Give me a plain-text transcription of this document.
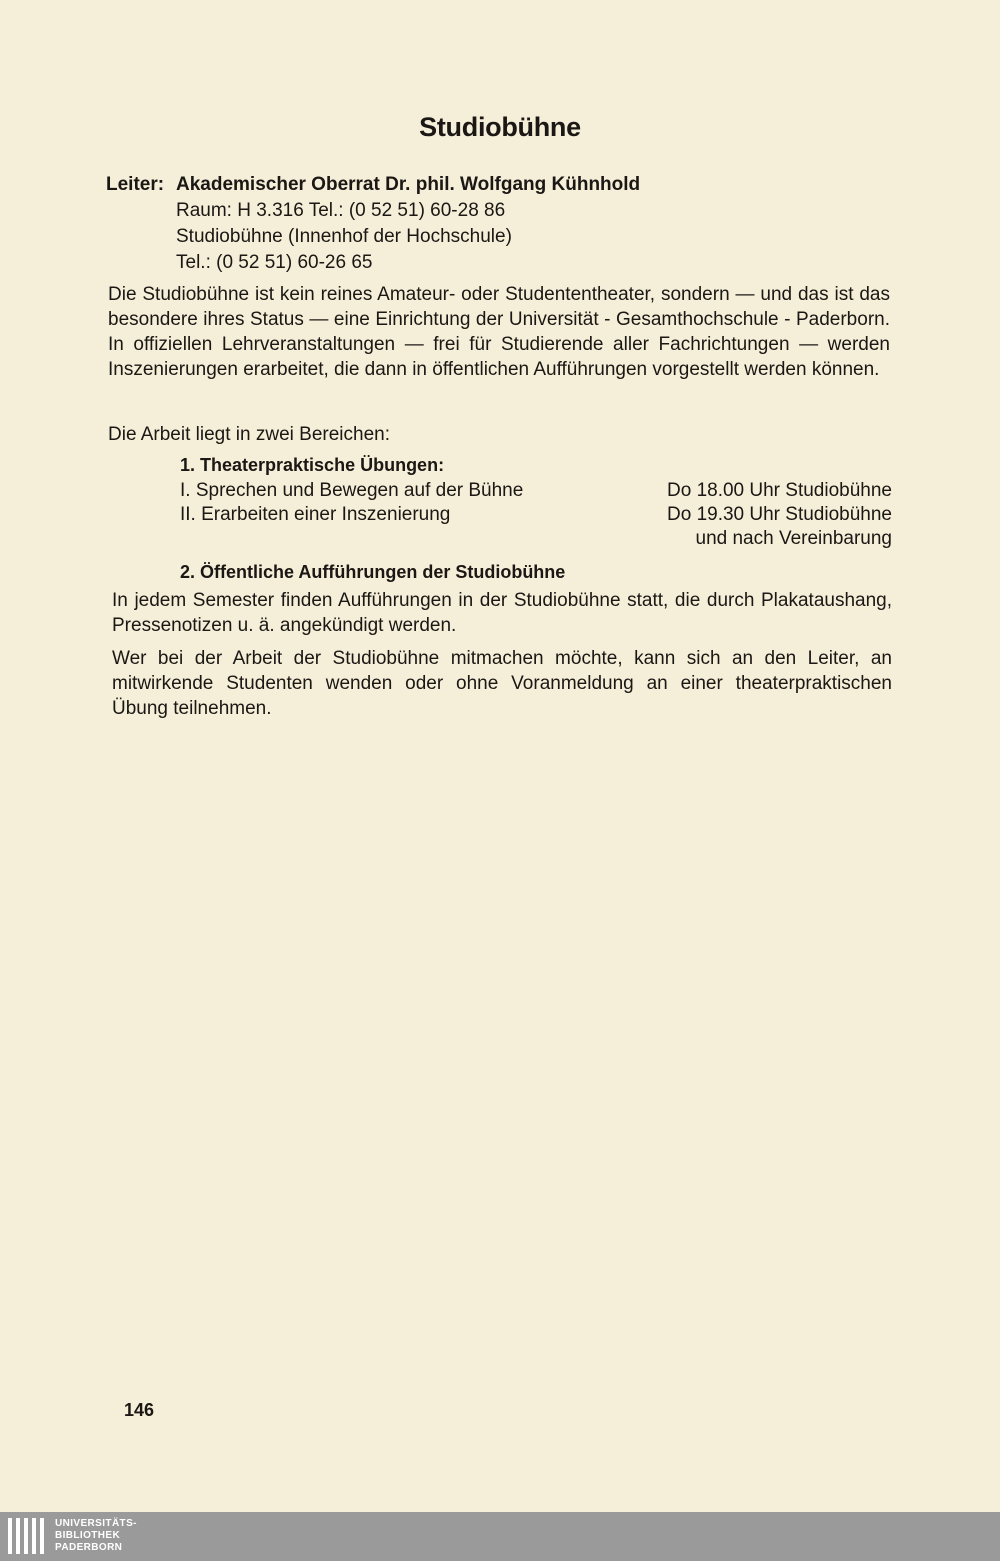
Studiobühne
Leiter: Akademischer Oberrat Dr. phil. Wolfgang Kühnhold
Raum: H 3.316 Tel.: (0 52 51) 60-28 86
Studiobühne (Innenhof der Hochschule)
Tel.: (0 52 51) 60-26 65
Die Studiobühne ist kein reines Amateur- oder Studententheater, sondern — und das ist das besondere ihres Status — eine Einrichtung der Universität - Gesamthochschule - Paderborn. In offiziellen Lehrveranstaltungen — frei für Studierende aller Fachrichtungen — werden Inszenierungen erarbeitet, die dann in öffentlichen Aufführungen vorgestellt werden können.
Die Arbeit liegt in zwei Bereichen:
1. Theaterpraktische Übungen:
I. Sprechen und Bewegen auf der Bühne	Do 18.00 Uhr Studiobühne
II. Erarbeiten einer Inszenierung	Do 19.30 Uhr Studiobühne
und nach Vereinbarung
2. Öffentliche Aufführungen der Studiobühne
In jedem Semester finden Aufführungen in der Studiobühne statt, die durch Plakataushang, Pressenotizen u. ä. angekündigt werden.
Wer bei der Arbeit der Studiobühne mitmachen möchte, kann sich an den Leiter, an mitwirkende Studenten wenden oder ohne Voranmeldung an einer theaterpraktischen Übung teilnehmen.
146
UNIVERSITÄTS-
BIBLIOTHEK
PADERBORN
